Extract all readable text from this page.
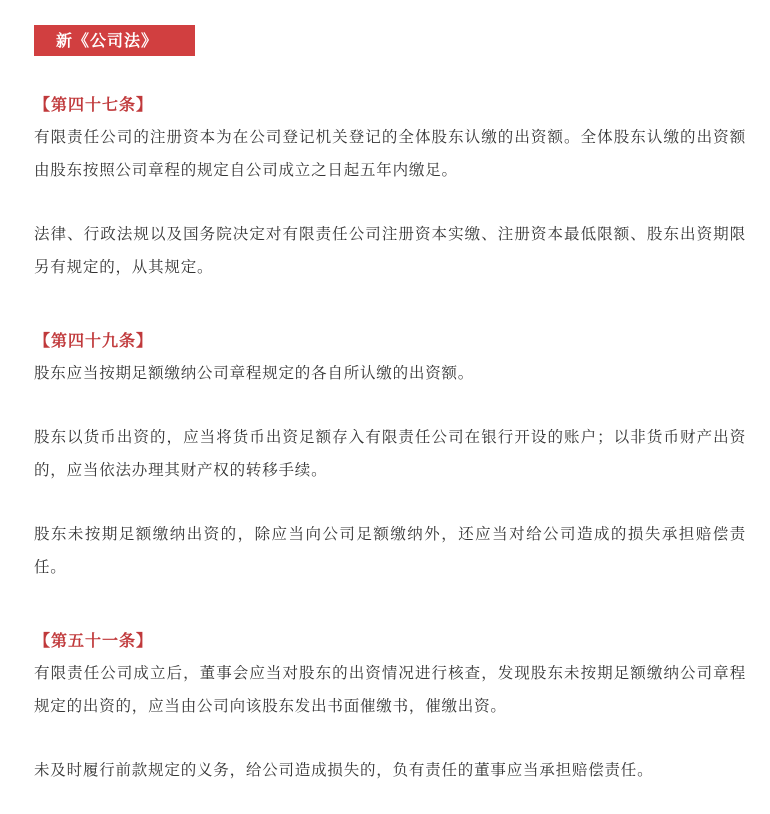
新《公司法》
【第四十七条】

有限责任公司的注册资本为在公司登记机关登记的全体股东认缴的出资额。全体股东认缴的出资额由股东按照公司章程的规定自公司成立之日起五年内缴足。

法律、行政法规以及国务院决定对有限责任公司注册资本实缴、注册资本最低限额、股东出资期限另有规定的，从其规定。

【第四十九条】

股东应当按期足额缴纳公司章程规定的各自所认缴的出资额。

股东以货币出资的，应当将货币出资足额存入有限责任公司在银行开设的账户；以非货币财产出资的，应当依法办理其财产权的转移手续。

股东未按期足额缴纳出资的，除应当向公司足额缴纳外，还应当对给公司造成的损失承担赔偿责任。

【第五十一条】

有限责任公司成立后，董事会应当对股东的出资情况进行核查，发现股东未按期足额缴纳公司章程规定的出资的，应当由公司向该股东发出书面催缴书，催缴出资。

未及时履行前款规定的义务，给公司造成损失的，负有责任的董事应当承担赔偿责任。
